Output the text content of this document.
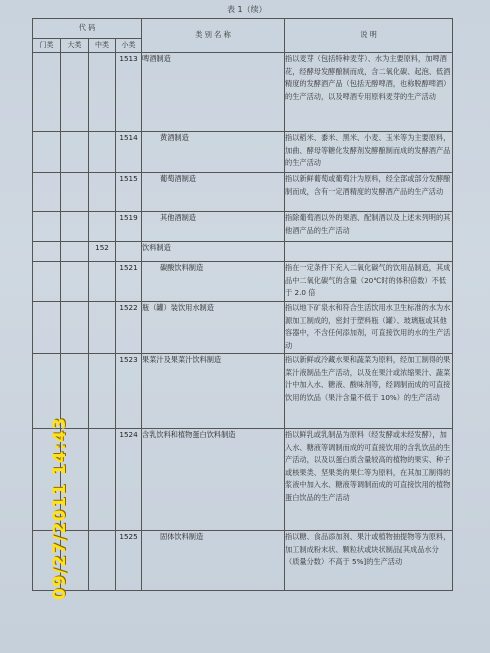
表 1（续）
代 码				类 别 名 称	说 明
门类	大类	中类	小类		
			1513	啤酒制造	指以麦芽（包括特种麦芽）、水为主要原料，加啤酒花，经酵母发酵酿制而成，含二氧化碳、起泡、低酒精度的发酵酒产品（包括无醇啤酒，也称脱醇啤酒）的生产活动，以及啤酒专用原料麦芽的生产活动
			1514	黄酒制造	指以稻米、黍米、黑米、小麦、玉米等为主要原料，加曲、酵母等糖化发酵剂发酵酿制而成的发酵酒产品的生产活动
			1515	葡萄酒制造	指以新鲜葡萄或葡萄汁为原料，经全部或部分发酵酿制而成，含有一定酒精度的发酵酒产品的生产活动
			1519	其他酒制造	指除葡萄酒以外的果酒、配制酒以及上述未列明的其他酒产品的生产活动
		152		饮料制造	
			1521	碳酸饮料制造	指在一定条件下充入二氧化碳气的饮用品制造，其成品中二氧化碳气的含量（20℃时的体积倍数）不低于 2.0 倍
			1522	瓶（罐）装饮用水制造	指以地下矿泉水和符合生活饮用水卫生标准的水为水源加工制成的，密封于塑料瓶（罐）、玻璃瓶或其他容器中，不含任何添加剂，可直接饮用的水的生产活动
			1523	果菜汁及果菜汁饮料制造	指以新鲜或冷藏水果和蔬菜为原料，经加工制得的果菜汁液制品生产活动，以及在果汁或浓缩果汁、蔬菜汁中加入水、糖液、酸味剂等，经调制而成的可直接饮用的饮品（果汁含量不低于 10%）的生产活动
			1524	含乳饮料和植物蛋白饮料制造	指以鲜乳或乳制品为原料（经发酵或未经发酵），加入水、糖液等调制而成的可直接饮用的含乳饮品的生产活动，以及以蛋白质含量较高的植物的果实、种子或核果类、坚果类的果仁等为原料，在其加工制得的浆液中加入水、糖液等调制而成的可直接饮用的植物蛋白饮品的生产活动
			1525	固体饮料制造	指以糖、食品添加剂、果汁或植物抽提物等为原料，加工制成粉末状、颗粒状或块状制品[其成品水分（质量分数）不高于 5%]的生产活动
09/27/2011 14:43
